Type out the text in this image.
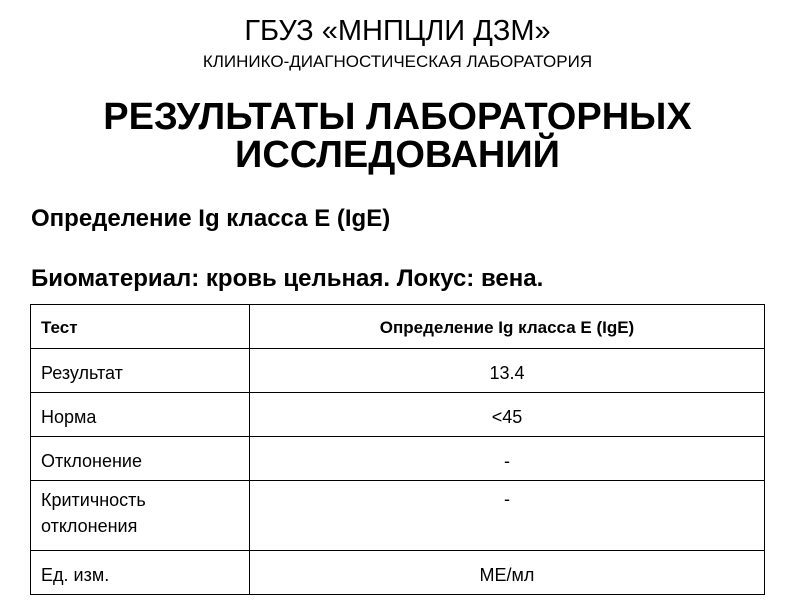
ГБУЗ «МНПЦЛИ ДЗМ»
КЛИНИКО-ДИАГНОСТИЧЕСКАЯ ЛАБОРАТОРИЯ
РЕЗУЛЬТАТЫ ЛАБОРАТОРНЫХ
ИССЛЕДОВАНИЙ
Определение Ig класса E (IgE)
Биоматериал: кровь цельная. Локус: вена.
Тест	Определение Ig класса E (IgE)
Результат	13.4
Норма	<45
Отклонение	-
Критичность отклонения	-
Ед. изм.	МЕ/мл
